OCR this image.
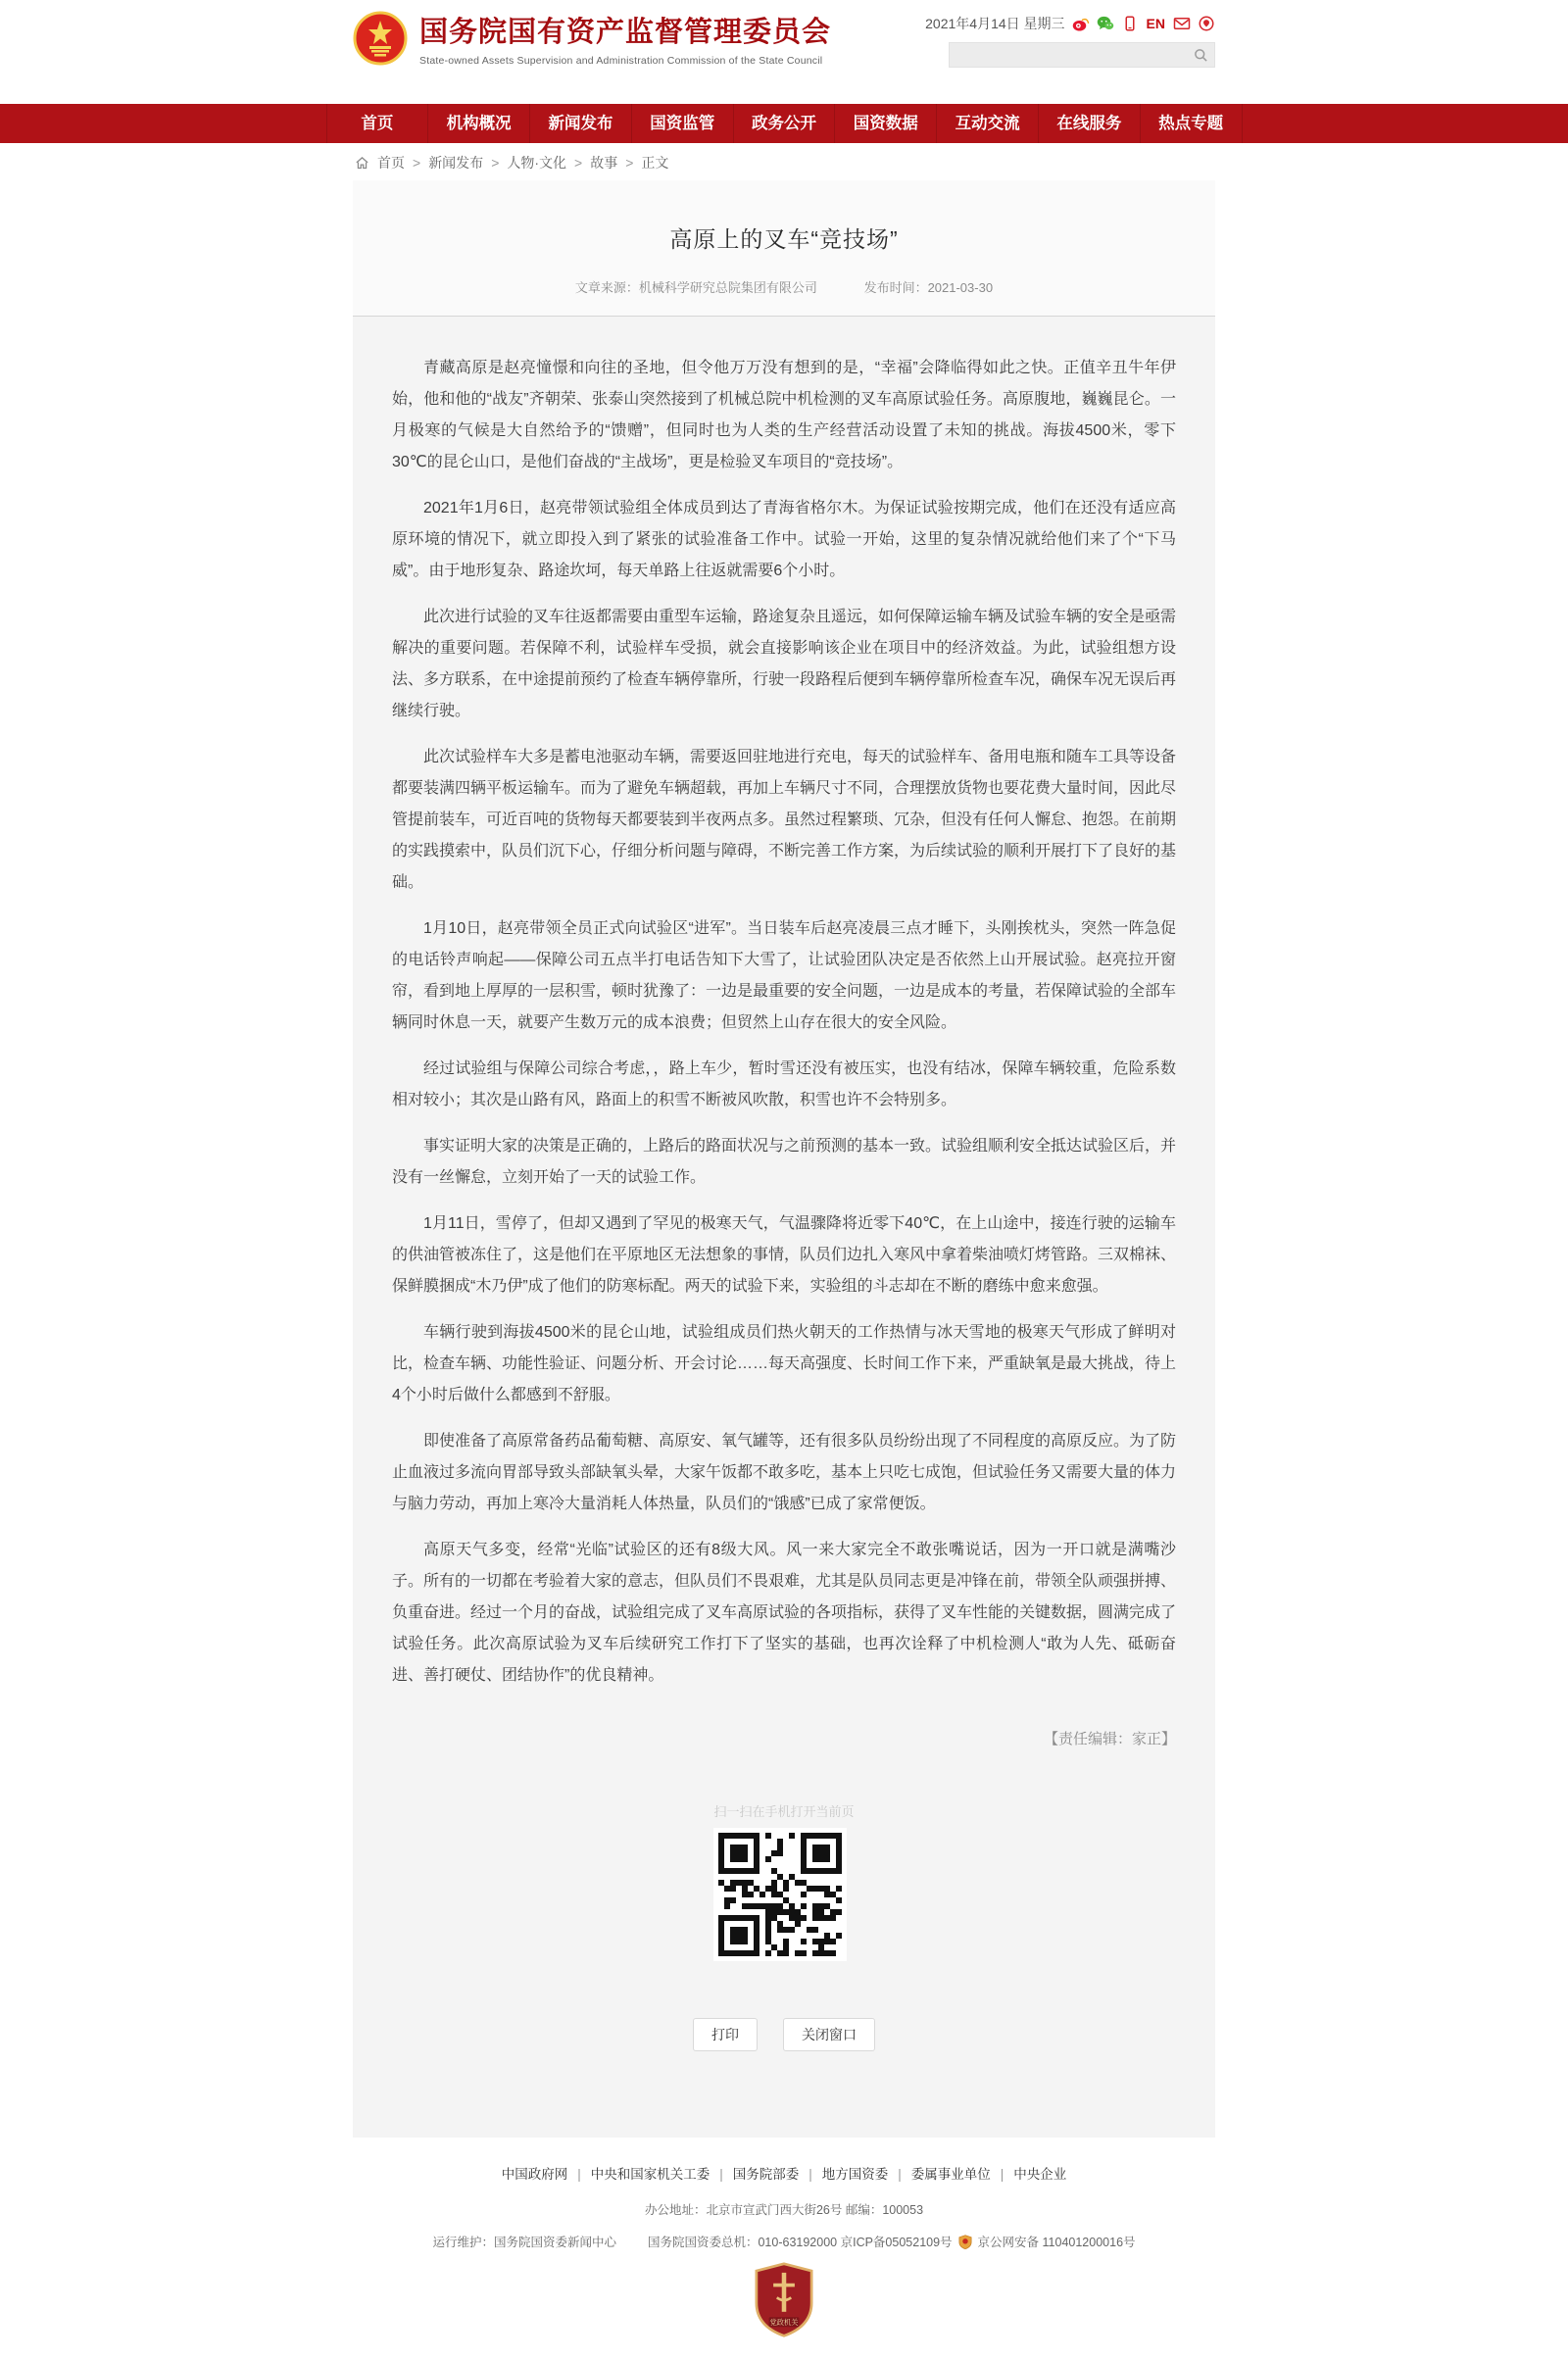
国务院国有资产监督管理委员会
State-owned Assets Supervision and Administration Commission of the State Council
2021年4月14日 星期三	EN
首页	机构概况	新闻发布	国资监管	政务公开	国资数据	互动交流	在线服务	热点专题
首页 > 新闻发布 > 人物·文化 > 故事 > 正文
高原上的叉车“竞技场”
文章来源：机械科学研究总院集团有限公司	发布时间：2021-03-30

青藏高原是赵亮憧憬和向往的圣地，但令他万万没有想到的是，“幸福”会降临得如此之快。正值辛丑牛年伊始，他和他的“战友”齐朝荣、张泰山突然接到了机械总院中机检测的叉车高原试验任务。高原腹地，巍巍昆仑。一月极寒的气候是大自然给予的“馈赠”，但同时也为人类的生产经营活动设置了未知的挑战。海拔4500米，零下30℃的昆仑山口，是他们奋战的“主战场”，更是检验叉车项目的“竞技场”。

2021年1月6日，赵亮带领试验组全体成员到达了青海省格尔木。为保证试验按期完成，他们在还没有适应高原环境的情况下，就立即投入到了紧张的试验准备工作中。试验一开始，这里的复杂情况就给他们来了个“下马威”。由于地形复杂、路途坎坷，每天单路上往返就需要6个小时。

此次进行试验的叉车往返都需要由重型车运输，路途复杂且遥远，如何保障运输车辆及试验车辆的安全是亟需解决的重要问题。若保障不利，试验样车受损，就会直接影响该企业在项目中的经济效益。为此，试验组想方设法、多方联系，在中途提前预约了检查车辆停靠所，行驶一段路程后便到车辆停靠所检查车况，确保车况无误后再继续行驶。

此次试验样车大多是蓄电池驱动车辆，需要返回驻地进行充电，每天的试验样车、备用电瓶和随车工具等设备都要装满四辆平板运输车。而为了避免车辆超载，再加上车辆尺寸不同，合理摆放货物也要花费大量时间，因此尽管提前装车，可近百吨的货物每天都要装到半夜两点多。虽然过程繁琐、冗杂，但没有任何人懈怠、抱怨。在前期的实践摸索中，队员们沉下心，仔细分析问题与障碍，不断完善工作方案，为后续试验的顺利开展打下了良好的基础。

1月10日，赵亮带领全员正式向试验区“进军”。当日装车后赵亮凌晨三点才睡下，头刚挨枕头，突然一阵急促的电话铃声响起——保障公司五点半打电话告知下大雪了，让试验团队决定是否依然上山开展试验。赵亮拉开窗帘，看到地上厚厚的一层积雪，顿时犹豫了：一边是最重要的安全问题，一边是成本的考量，若保障试验的全部车辆同时休息一天，就要产生数万元的成本浪费；但贸然上山存在很大的安全风险。

经过试验组与保障公司综合考虑，，路上车少，暂时雪还没有被压实，也没有结冰，保障车辆较重，危险系数相对较小；其次是山路有风，路面上的积雪不断被风吹散，积雪也许不会特别多。

事实证明大家的决策是正确的，上路后的路面状况与之前预测的基本一致。试验组顺利安全抵达试验区后，并没有一丝懈怠，立刻开始了一天的试验工作。

1月11日，雪停了，但却又遇到了罕见的极寒天气，气温骤降将近零下40℃，在上山途中，接连行驶的运输车的供油管被冻住了，这是他们在平原地区无法想象的事情，队员们边扎入寒风中拿着柴油喷灯烤管路。三双棉袜、保鲜膜捆成“木乃伊”成了他们的防寒标配。两天的试验下来，实验组的斗志却在不断的磨练中愈来愈强。

车辆行驶到海拔4500米的昆仑山地，试验组成员们热火朝天的工作热情与冰天雪地的极寒天气形成了鲜明对比，检查车辆、功能性验证、问题分析、开会讨论……每天高强度、长时间工作下来，严重缺氧是最大挑战，待上4个小时后做什么都感到不舒服。

即使准备了高原常备药品葡萄糖、高原安、氧气罐等，还有很多队员纷纷出现了不同程度的高原反应。为了防止血液过多流向胃部导致头部缺氧头晕，大家午饭都不敢多吃，基本上只吃七成饱，但试验任务又需要大量的体力与脑力劳动，再加上寒冷大量消耗人体热量，队员们的“饿感”已成了家常便饭。

高原天气多变，经常“光临”试验区的还有8级大风。风一来大家完全不敢张嘴说话，因为一开口就是满嘴沙子。所有的一切都在考验着大家的意志，但队员们不畏艰难，尤其是队员同志更是冲锋在前，带领全队顽强拼搏、负重奋进。经过一个月的奋战，试验组完成了叉车高原试验的各项指标，获得了叉车性能的关键数据，圆满完成了试验任务。此次高原试验为叉车后续研究工作打下了坚实的基础，也再次诠释了中机检测人“敢为人先、砥砺奋进、善打硬仗、团结协作”的优良精神。

【责任编辑：家正】
扫一扫在手机打开当前页
打印	关闭窗口
中国政府网 | 中央和国家机关工委 | 国务院部委 | 地方国资委 | 委属事业单位 | 中央企业
办公地址：北京市宣武门西大街26号 邮编：100053
运行维护：国务院国资委新闻中心	国务院国资委总机：010-63192000 京ICP备05052109号 京公网安备 110401200016号
党政机关
